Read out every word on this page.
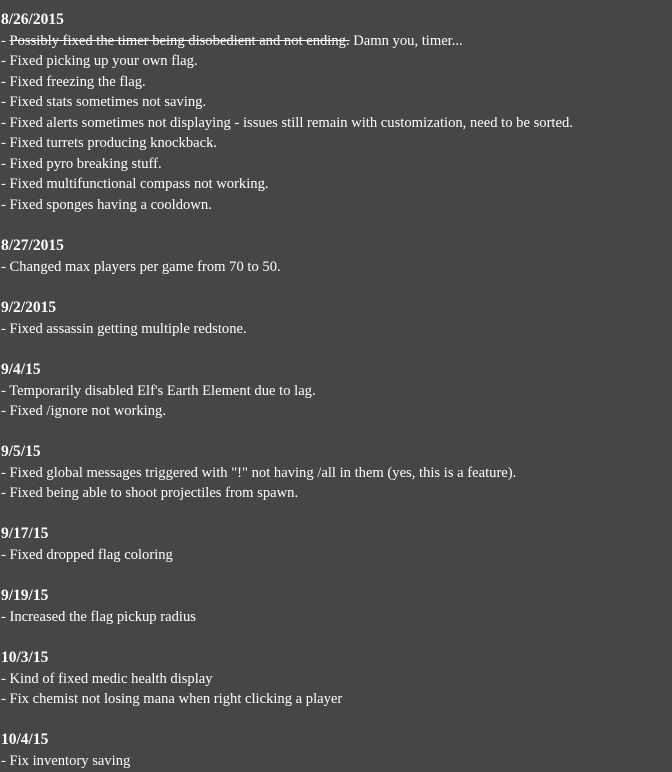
8/26/2015
- Possibly fixed the timer being disobedient and not ending. Damn you, timer...
- Fixed picking up your own flag.
- Fixed freezing the flag.
- Fixed stats sometimes not saving.
- Fixed alerts sometimes not displaying - issues still remain with customization, need to be sorted.
- Fixed turrets producing knockback.
- Fixed pyro breaking stuff.
- Fixed multifunctional compass not working.
- Fixed sponges having a cooldown.
8/27/2015
- Changed max players per game from 70 to 50.
9/2/2015
- Fixed assassin getting multiple redstone.
9/4/15
- Temporarily disabled Elf's Earth Element due to lag.
- Fixed /ignore not working.
9/5/15
- Fixed global messages triggered with "!" not having /all in them (yes, this is a feature).
- Fixed being able to shoot projectiles from spawn.
9/17/15
- Fixed dropped flag coloring
9/19/15
- Increased the flag pickup radius
10/3/15
- Kind of fixed medic health display
- Fix chemist not losing mana when right clicking a player
10/4/15
- Fix inventory saving
